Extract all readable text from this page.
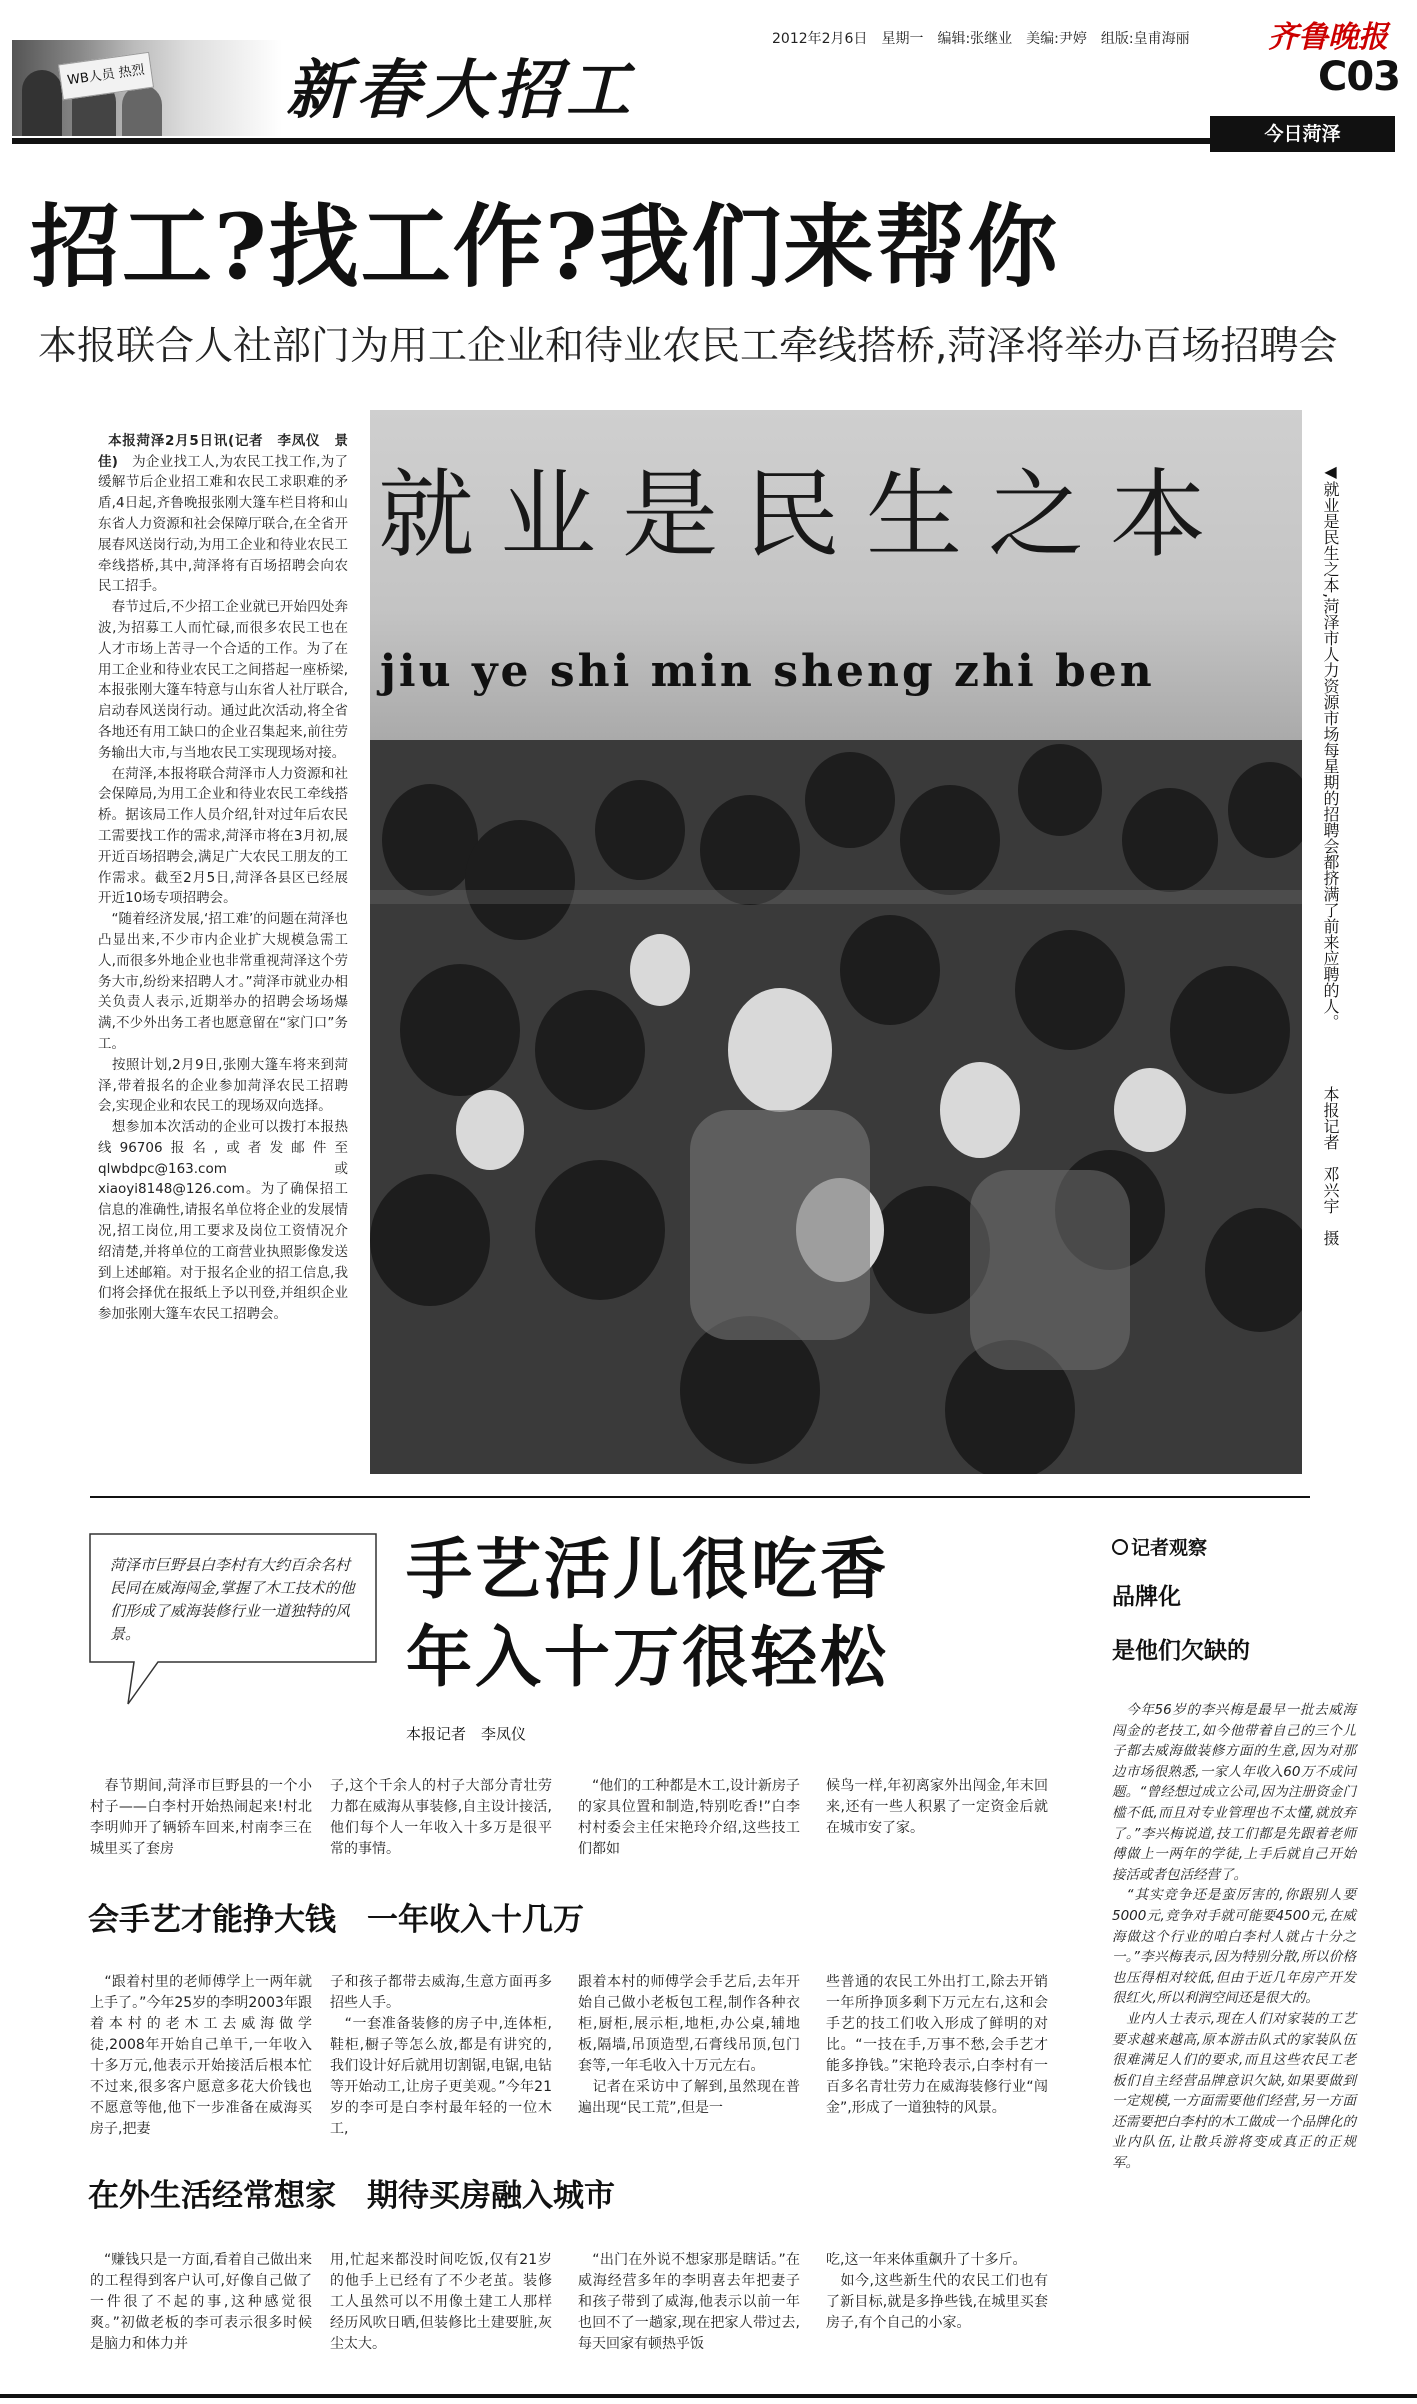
WB人员 热烈 新 春 大 招 工
2012年2月6日　星期一　编辑:张继业　美编:尹婷　组版:皇甫海丽	齐鲁晚报
C03
今日菏泽
招工?找工作?我们来帮你
本报联合人社部门为用工企业和待业农民工牵线搭桥,菏泽将举办百场招聘会

本报菏泽2月5日讯(记者　李凤仪　景佳)　为企业找工人,为农民工找工作,为了缓解节后企业招工难和农民工求职难的矛盾,4日起,齐鲁晚报张刚大篷车栏目将和山东省人力资源和社会保障厅联合,在全省开展春风送岗行动,为用工企业和待业农民工牵线搭桥,其中,菏泽将有百场招聘会向农民工招手。
　春节过后,不少招工企业就已开始四处奔波,为招募工人而忙碌,而很多农民工也在人才市场上苦寻一个合适的工作。为了在用工企业和待业农民工之间搭起一座桥梁,本报张刚大篷车特意与山东省人社厅联合,启动春风送岗行动。通过此次活动,将全省各地还有用工缺口的企业召集起来,前往劳务输出大市,与当地农民工实现现场对接。
　在菏泽,本报将联合菏泽市人力资源和社会保障局,为用工企业和待业农民工牵线搭桥。据该局工作人员介绍,针对过年后农民工需要找工作的需求,菏泽市将在3月初,展开近百场招聘会,满足广大农民工朋友的工作需求。截至2月5日,菏泽各县区已经展开近10场专项招聘会。
　“随着经济发展,‘招工难’的问题在菏泽也凸显出来,不少市内企业扩大规模急需工人,而很多外地企业也非常重视菏泽这个劳务大市,纷纷来招聘人才。”菏泽市就业办相关负责人表示,近期举办的招聘会场场爆满,不少外出务工者也愿意留在“家门口”务工。
　按照计划,2月9日,张刚大篷车将来到菏泽,带着报名的企业参加菏泽农民工招聘会,实现企业和农民工的现场双向选择。
　想参加本次活动的企业可以拨打本报热线96706报名,或者发邮件至qlwbdpc@163.com或xiaoyi8148@126.com。为了确保招工信息的准确性,请报名单位将企业的发展情况,招工岗位,用工要求及岗位工资情况介绍清楚,并将单位的工商营业执照影像发送到上述邮箱。对于报名企业的招工信息,我们将会择优在报纸上予以刊登,并组织企业参加张刚大篷车农民工招聘会。

就业是民生之本
jiu ye shi min sheng zhi ben	◀就业是民生之本,菏泽市人力资源市场每星期的招聘会都挤满了前来应聘的人。
本报记者　邓兴宇　摄
菏泽市巨野县白李村有大约百余名村民同在威海闯金,掌握了木工技术的他们形成了威海装修行业一道独特的风景。
手艺活儿很吃香
年入十万很轻松
本报记者　李凤仪
　春节期间,菏泽市巨野县的一个小村子——白李村开始热闹起来!村北李明帅开了辆轿车回来,村南李三在城里买了套房
子,这个千余人的村子大部分青壮劳力都在威海从事装修,自主设计接活,他们每个人一年收入十多万是很平常的事情。
　“他们的工种都是木工,设计新房子的家具位置和制造,特别吃香!”白李村村委会主任宋艳玲介绍,这些技工们都如
候鸟一样,年初离家外出闯金,年末回来,还有一些人积累了一定资金后就在城市安了家。
会手艺才能挣大钱　一年收入十几万
　“跟着村里的老师傅学上一两年就上手了。”今年25岁的李明2003年跟着本村的老木工去威海做学徒,2008年开始自己单干,一年收入十多万元,他表示开始接活后根本忙不过来,很多客户愿意多花大价钱也不愿意等他,他下一步准备在威海买房子,把妻
子和孩子都带去威海,生意方面再多招些人手。
　“一套准备装修的房子中,连体柜,鞋柜,橱子等怎么放,都是有讲究的,我们设计好后就用切割锯,电锯,电钻等开始动工,让房子更美观。”今年21岁的李可是白李村最年轻的一位木工,
跟着本村的师傅学会手艺后,去年开始自己做小老板包工程,制作各种衣柜,厨柜,展示柜,地柜,办公桌,辅地板,隔墙,吊顶造型,石膏线吊顶,包门套等,一年毛收入十万元左右。
　记者在采访中了解到,虽然现在普遍出现“民工荒”,但是一
些普通的农民工外出打工,除去开销一年所挣顶多剩下万元左右,这和会手艺的技工们收入形成了鲜明的对比。“一技在手,万事不愁,会手艺才能多挣钱。”宋艳玲表示,白李村有一百多名青壮劳力在威海装修行业“闯金”,形成了一道独特的风景。
在外生活经常想家　期待买房融入城市
　“赚钱只是一方面,看着自己做出来的工程得到客户认可,好像自己做了一件很了不起的事,这种感觉很爽。”初做老板的李可表示很多时候是脑力和体力并
用,忙起来都没时间吃饭,仅有21岁的他手上已经有了不少老茧。装修工人虽然可以不用像土建工人那样经历风吹日晒,但装修比土建要脏,灰尘太大。
　“出门在外说不想家那是瞎话。”在威海经营多年的李明喜去年把妻子和孩子带到了威海,他表示以前一年也回不了一趟家,现在把家人带过去,每天回家有顿热乎饭
吃,这一年来体重飙升了十多斤。
　如今,这些新生代的农民工们也有了新目标,就是多挣些钱,在城里买套房子,有个自己的小家。
记者观察
品牌化
是他们欠缺的
　今年56岁的李兴梅是最早一批去威海闯金的老技工,如今他带着自己的三个儿子都去威海做装修方面的生意,因为对那边市场很熟悉,一家人年收入60万不成问题。“曾经想过成立公司,因为注册资金门槛不低,而且对专业管理也不太懂,就放弃了。”李兴梅说道,技工们都是先跟着老师傅做上一两年的学徒,上手后就自己开始接活或者包活经营了。
　“其实竞争还是蛮厉害的,你跟别人要5000元,竞争对手就可能要4500元,在威海做这个行业的咱白李村人就占十分之一。”李兴梅表示,因为特别分散,所以价格也压得相对较低,但由于近几年房产开发很红火,所以利润空间还是很大的。
　业内人士表示,现在人们对家装的工艺要求越来越高,原本游击队式的家装队伍很难满足人们的要求,而且这些农民工老板们自主经营品牌意识欠缺,如果要做到一定规模,一方面需要他们经营,另一方面还需要把白李村的木工做成一个品牌化的业内队伍,让散兵游将变成真正的正规军。
